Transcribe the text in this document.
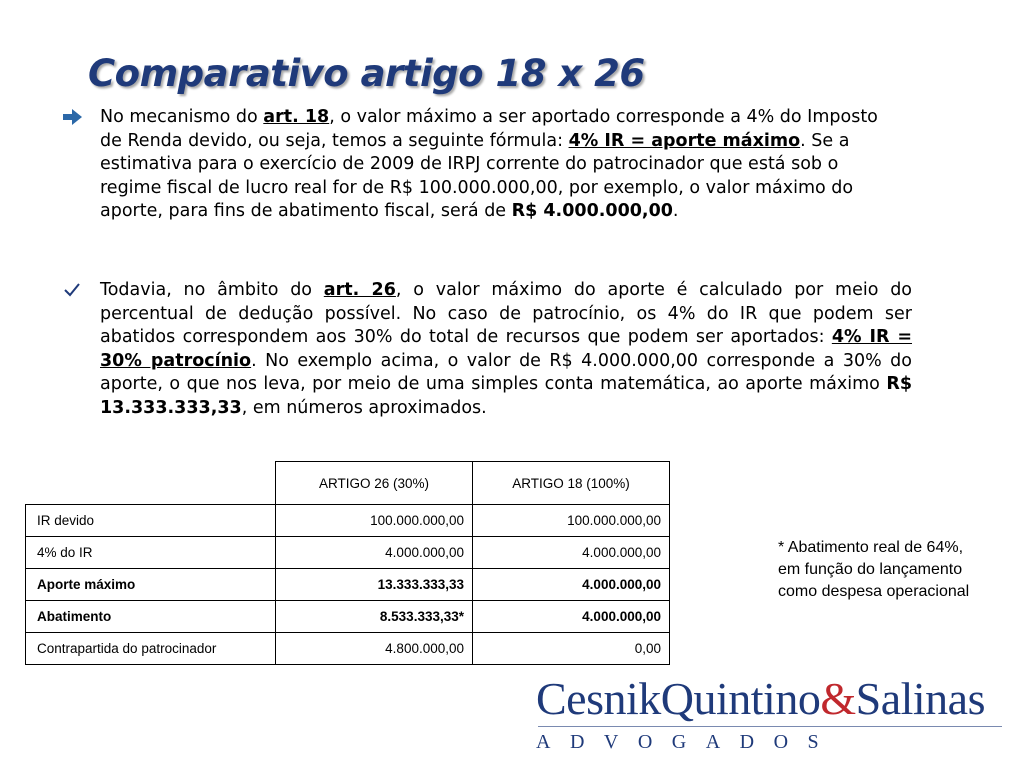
Comparativo artigo 18 x 26
No mecanismo do art. 18, o valor máximo a ser aportado corresponde a 4% do Imposto de Renda devido, ou seja, temos a seguinte fórmula: 4% IR = aporte máximo. Se a estimativa para o exercício de 2009 de IRPJ corrente do patrocinador que está sob o regime fiscal de lucro real for de R$ 100.000.000,00, por exemplo, o valor máximo do aporte, para fins de abatimento fiscal, será de R$ 4.000.000,00.
Todavia, no âmbito do art. 26, o valor máximo do aporte é calculado por meio do percentual de dedução possível. No caso de patrocínio, os 4% do IR que podem ser abatidos correspondem aos 30% do total de recursos que podem ser aportados: 4% IR = 30% patrocínio. No exemplo acima, o valor de R$ 4.000.000,00 corresponde a 30% do aporte, o que nos leva, por meio de uma simples conta matemática, ao aporte máximo R$ 13.333.333,33, em números aproximados.
	ARTIGO 26 (30%)	ARTIGO 18 (100%)
IR devido	100.000.000,00	100.000.000,00
4% do IR	4.000.000,00	4.000.000,00
Aporte máximo	13.333.333,33	4.000.000,00
Abatimento	8.533.333,33*	4.000.000,00
Contrapartida do patrocinador	4.800.000,00	0,00
* Abatimento real de 64%, em função do lançamento como despesa operacional
CesnikQuintino&Salinas
ADVOGADOS
